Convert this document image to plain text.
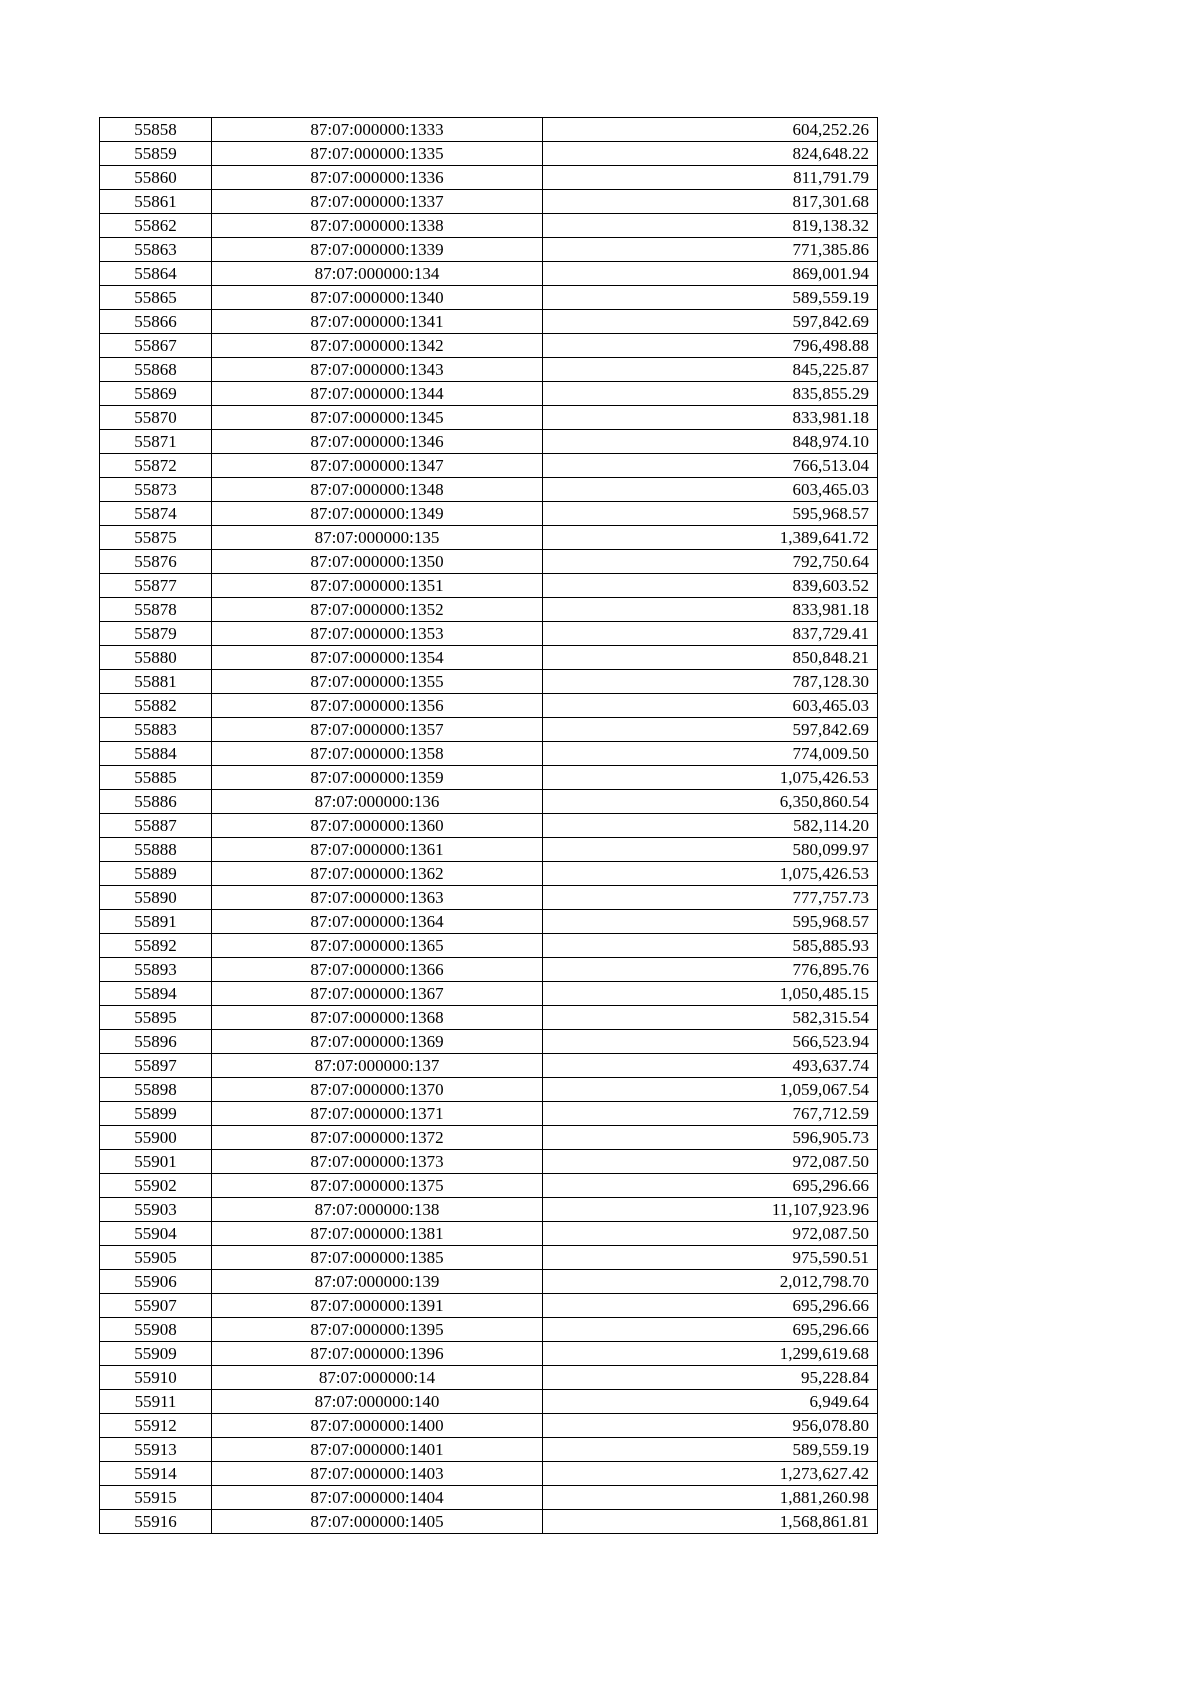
55858	87:07:000000:1333	604,252.26
55859	87:07:000000:1335	824,648.22
55860	87:07:000000:1336	811,791.79
55861	87:07:000000:1337	817,301.68
55862	87:07:000000:1338	819,138.32
55863	87:07:000000:1339	771,385.86
55864	87:07:000000:134	869,001.94
55865	87:07:000000:1340	589,559.19
55866	87:07:000000:1341	597,842.69
55867	87:07:000000:1342	796,498.88
55868	87:07:000000:1343	845,225.87
55869	87:07:000000:1344	835,855.29
55870	87:07:000000:1345	833,981.18
55871	87:07:000000:1346	848,974.10
55872	87:07:000000:1347	766,513.04
55873	87:07:000000:1348	603,465.03
55874	87:07:000000:1349	595,968.57
55875	87:07:000000:135	1,389,641.72
55876	87:07:000000:1350	792,750.64
55877	87:07:000000:1351	839,603.52
55878	87:07:000000:1352	833,981.18
55879	87:07:000000:1353	837,729.41
55880	87:07:000000:1354	850,848.21
55881	87:07:000000:1355	787,128.30
55882	87:07:000000:1356	603,465.03
55883	87:07:000000:1357	597,842.69
55884	87:07:000000:1358	774,009.50
55885	87:07:000000:1359	1,075,426.53
55886	87:07:000000:136	6,350,860.54
55887	87:07:000000:1360	582,114.20
55888	87:07:000000:1361	580,099.97
55889	87:07:000000:1362	1,075,426.53
55890	87:07:000000:1363	777,757.73
55891	87:07:000000:1364	595,968.57
55892	87:07:000000:1365	585,885.93
55893	87:07:000000:1366	776,895.76
55894	87:07:000000:1367	1,050,485.15
55895	87:07:000000:1368	582,315.54
55896	87:07:000000:1369	566,523.94
55897	87:07:000000:137	493,637.74
55898	87:07:000000:1370	1,059,067.54
55899	87:07:000000:1371	767,712.59
55900	87:07:000000:1372	596,905.73
55901	87:07:000000:1373	972,087.50
55902	87:07:000000:1375	695,296.66
55903	87:07:000000:138	11,107,923.96
55904	87:07:000000:1381	972,087.50
55905	87:07:000000:1385	975,590.51
55906	87:07:000000:139	2,012,798.70
55907	87:07:000000:1391	695,296.66
55908	87:07:000000:1395	695,296.66
55909	87:07:000000:1396	1,299,619.68
55910	87:07:000000:14	95,228.84
55911	87:07:000000:140	6,949.64
55912	87:07:000000:1400	956,078.80
55913	87:07:000000:1401	589,559.19
55914	87:07:000000:1403	1,273,627.42
55915	87:07:000000:1404	1,881,260.98
55916	87:07:000000:1405	1,568,861.81
